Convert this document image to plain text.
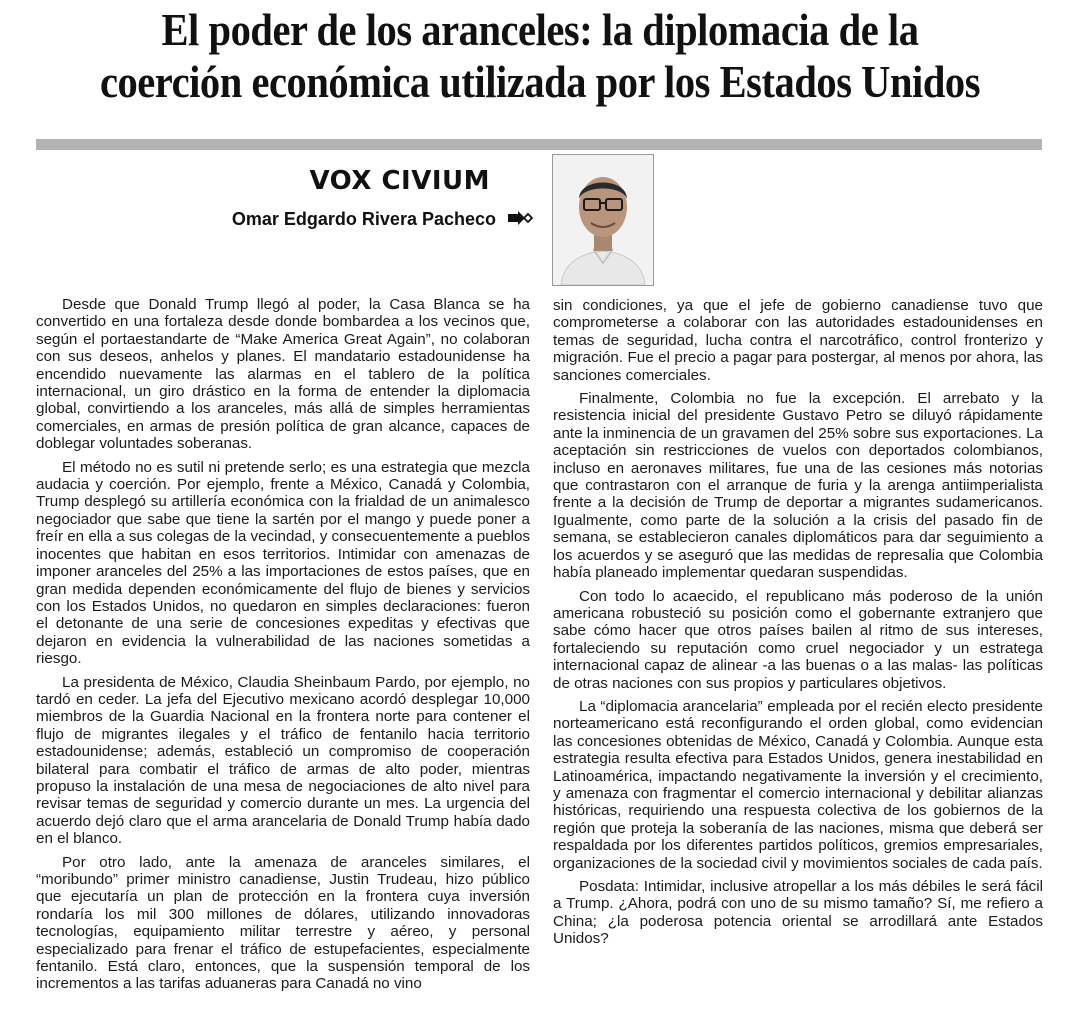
El poder de los aranceles: la diplomacia de la
coerción económica utilizada por los Estados Unidos
VOX CIVIUM
Omar Edgardo Rivera Pacheco

Desde que Donald Trump llegó al poder, la Casa Blanca se ha convertido en una fortaleza desde donde bombardea a los vecinos que, según el portaestandarte de “Make America Great Again”, no colaboran con sus deseos, anhelos y planes. El mandatario estadounidense ha encendido nuevamente las alarmas en el tablero de la política internacional, un giro drástico en la forma de entender la diplomacia global, convirtiendo a los aranceles, más allá de simples herramientas comerciales, en armas de presión política de gran alcance, capaces de doblegar voluntades soberanas.

El método no es sutil ni pretende serlo; es una estrategia que mezcla audacia y coerción. Por ejemplo, frente a México, Canadá y Colombia, Trump desplegó su artillería económica con la frialdad de un animalesco negociador que sabe que tiene la sartén por el mango y puede poner a freír en ella a sus colegas de la vecindad, y consecuentemente a pueblos inocentes que habitan en esos territorios. Intimidar con amenazas de imponer aranceles del 25% a las importaciones de estos países, que en gran medida dependen económicamente del flujo de bienes y servicios con los Estados Unidos, no quedaron en simples declaraciones: fueron el detonante de una serie de concesiones expeditas y efectivas que dejaron en evidencia la vulnerabilidad de las naciones sometidas a riesgo.

La presidenta de México, Claudia Sheinbaum Pardo, por ejemplo, no tardó en ceder. La jefa del Ejecutivo mexicano acordó desplegar 10,000 miembros de la Guardia Nacional en la frontera norte para contener el flujo de migrantes ilegales y el tráfico de fentanilo hacia territorio estadounidense; además, estableció un compromiso de cooperación bilateral para combatir el tráfico de armas de alto poder, mientras propuso la instalación de una mesa de negociaciones de alto nivel para revisar temas de seguridad y comercio durante un mes. La urgencia del acuerdo dejó claro que el arma arancelaria de Donald Trump había dado en el blanco.

Por otro lado, ante la amenaza de aranceles similares, el “moribundo” primer ministro canadiense, Justin Trudeau, hizo público que ejecutaría un plan de protección en la frontera cuya inversión rondaría los mil 300 millones de dólares, utilizando innovadoras tecnologías, equipamiento militar terrestre y aéreo, y personal especializado para frenar el tráfico de estupefacientes, especialmente fentanilo. Está claro, entonces, que la suspensión temporal de los incrementos a las tarifas aduaneras para Canadá no vino

sin condiciones, ya que el jefe de gobierno canadiense tuvo que comprometerse a colaborar con las autoridades estadounidenses en temas de seguridad, lucha contra el narcotráfico, control fronterizo y migración. Fue el precio a pagar para postergar, al menos por ahora, las sanciones comerciales.

Finalmente, Colombia no fue la excepción. El arrebato y la resistencia inicial del presidente Gustavo Petro se diluyó rápidamente ante la inminencia de un gravamen del 25% sobre sus exportaciones. La aceptación sin restricciones de vuelos con deportados colombianos, incluso en aeronaves militares, fue una de las cesiones más notorias que contrastaron con el arranque de furia y la arenga antiimperialista frente a la decisión de Trump de deportar a migrantes sudamericanos. Igualmente, como parte de la solución a la crisis del pasado fin de semana, se establecieron canales diplomáticos para dar seguimiento a los acuerdos y se aseguró que las medidas de represalia que Colombia había planeado implementar quedaran suspendidas.

Con todo lo acaecido, el republicano más poderoso de la unión americana robusteció su posición como el gobernante extranjero que sabe cómo hacer que otros países bailen al ritmo de sus intereses, fortaleciendo su reputación como cruel negociador y un estratega internacional capaz de alinear -a las buenas o a las malas- las políticas de otras naciones con sus propios y particulares objetivos.

La “diplomacia arancelaria” empleada por el recién electo presidente norteamericano está reconfigurando el orden global, como evidencian las concesiones obtenidas de México, Canadá y Colombia. Aunque esta estrategia resulta efectiva para Estados Unidos, genera inestabilidad en Latinoamérica, impactando negativamente la inversión y el crecimiento, y amenaza con fragmentar el comercio internacional y debilitar alianzas históricas, requiriendo una respuesta colectiva de los gobiernos de la región que proteja la soberanía de las naciones, misma que deberá ser respaldada por los diferentes partidos políticos, gremios empresariales, organizaciones de la sociedad civil y movimientos sociales de cada país.

Posdata: Intimidar, inclusive atropellar a los más débiles le será fácil a Trump. ¿Ahora, podrá con uno de su mismo tamaño? Sí, me refiero a China; ¿la poderosa potencia oriental se arrodillará ante Estados Unidos?
